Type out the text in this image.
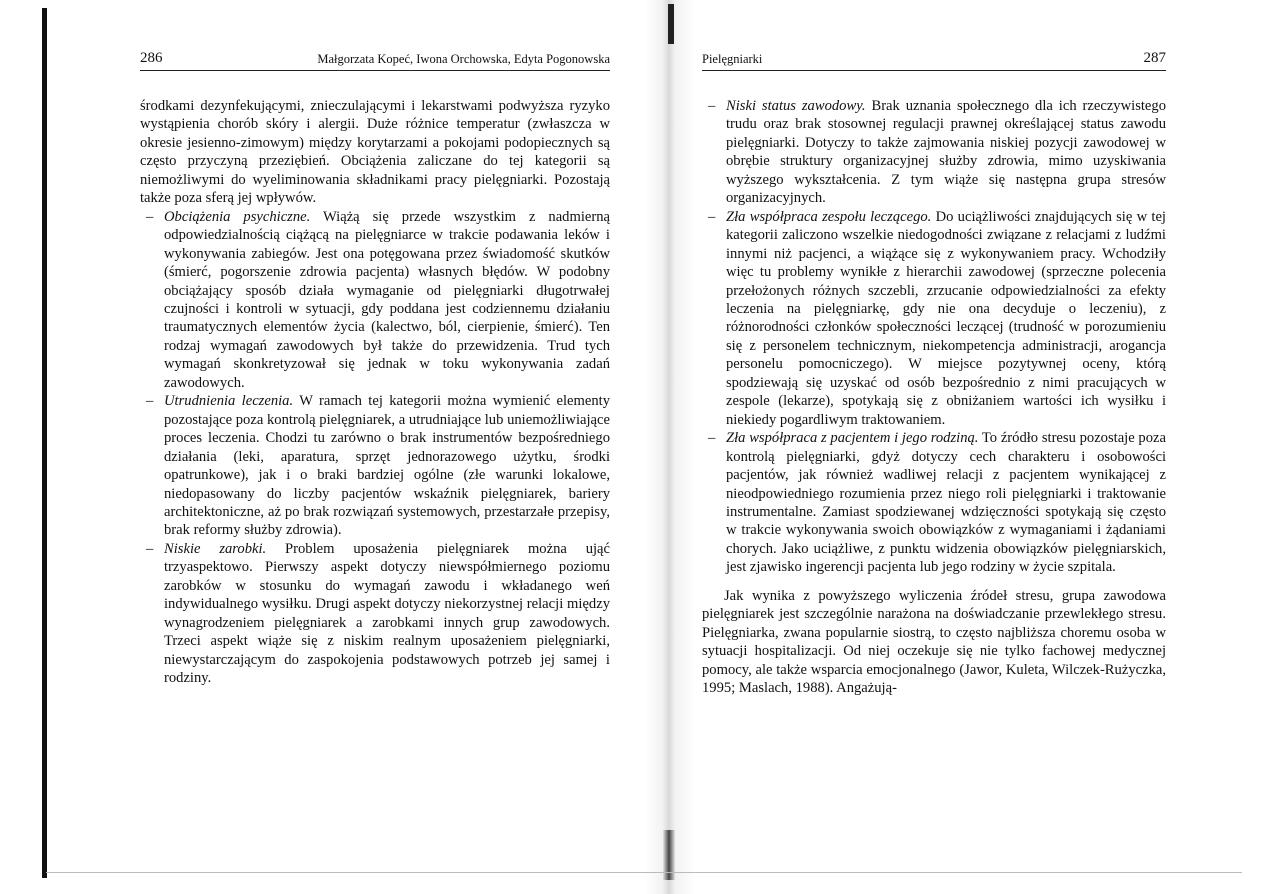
286	Małgorzata Kopeć, Iwona Orchowska, Edyta Pogonowska

środkami dezynfekującymi, znieczulającymi i lekarstwami podwyższa ryzyko wystąpienia chorób skóry i alergii. Duże różnice temperatur (zwłaszcza w okresie jesienno-zimowym) między korytarzami a pokojami podopiecznych są często przyczyną przeziębień. Obciążenia zaliczane do tej kategorii są niemożliwymi do wyeliminowania składnikami pracy pielęgniarki. Pozostają także poza sferą jej wpływów.

– Obciążenia psychiczne. Wiążą się przede wszystkim z nadmierną odpowiedzialnością ciążącą na pielęgniarce w trakcie podawania leków i wykonywania zabiegów. Jest ona potęgowana przez świadomość skutków (śmierć, pogorszenie zdrowia pacjenta) własnych błędów. W podobny obciążający sposób działa wymaganie od pielęgniarki długotrwałej czujności i kontroli w sytuacji, gdy poddana jest codziennemu działaniu traumatycznych elementów życia (kalectwo, ból, cierpienie, śmierć). Ten rodzaj wymagań zawodowych był także do przewidzenia. Trud tych wymagań skonkretyzował się jednak w toku wykonywania zadań zawodowych.

– Utrudnienia leczenia. W ramach tej kategorii można wymienić elementy pozostające poza kontrolą pielęgniarek, a utrudniające lub uniemożliwiające proces leczenia. Chodzi tu zarówno o brak instrumentów bezpośredniego działania (leki, aparatura, sprzęt jednorazowego użytku, środki opatrunkowe), jak i o braki bardziej ogólne (złe warunki lokalowe, niedopasowany do liczby pacjentów wskaźnik pielęgniarek, bariery architektoniczne, aż po brak rozwiązań systemowych, przestarzałe przepisy, brak reformy służby zdrowia).

– Niskie zarobki. Problem uposażenia pielęgniarek można ująć trzyaspektowo. Pierwszy aspekt dotyczy niewspółmiernego poziomu zarobków w stosunku do wymagań zawodu i wkładanego weń indywidualnego wysiłku. Drugi aspekt dotyczy niekorzystnej relacji między wynagrodzeniem pielęgniarek a zarobkami innych grup zawodowych. Trzeci aspekt wiąże się z niskim realnym uposażeniem pielęgniarki, niewystarczającym do zaspokojenia podstawowych potrzeb jej samej i rodziny.

Pielęgniarki	287

– Niski status zawodowy. Brak uznania społecznego dla ich rzeczywistego trudu oraz brak stosownej regulacji prawnej określającej status zawodu pielęgniarki. Dotyczy to także zajmowania niskiej pozycji zawodowej w obrębie struktury organizacyjnej służby zdrowia, mimo uzyskiwania wyższego wykształcenia. Z tym wiąże się następna grupa stresów organizacyjnych.

– Zła współpraca zespołu leczącego. Do uciążliwości znajdujących się w tej kategorii zaliczono wszelkie niedogodności związane z relacjami z ludźmi innymi niż pacjenci, a wiążące się z wykonywaniem pracy. Wchodziły więc tu problemy wynikłe z hierarchii zawodowej (sprzeczne polecenia przełożonych różnych szczebli, zrzucanie odpowiedzialności za efekty leczenia na pielęgniarkę, gdy nie ona decyduje o leczeniu), z różnorodności członków społeczności leczącej (trudność w porozumieniu się z personelem technicznym, niekompetencja administracji, arogancja personelu pomocniczego). W miejsce pozytywnej oceny, którą spodziewają się uzyskać od osób bezpośrednio z nimi pracujących w zespole (lekarze), spotykają się z obniżaniem wartości ich wysiłku i niekiedy pogardliwym traktowaniem.

– Zła współpraca z pacjentem i jego rodziną. To źródło stresu pozostaje poza kontrolą pielęgniarki, gdyż dotyczy cech charakteru i osobowości pacjentów, jak również wadliwej relacji z pacjentem wynikającej z nieodpowiedniego rozumienia przez niego roli pielęgniarki i traktowanie instrumentalne. Zamiast spodziewanej wdzięczności spotykają się często w trakcie wykonywania swoich obowiązków z wymaganiami i żądaniami chorych. Jako uciążliwe, z punktu widzenia obowiązków pielęgniarskich, jest zjawisko ingerencji pacjenta lub jego rodziny w życie szpitala.

Jak wynika z powyższego wyliczenia źródeł stresu, grupa zawodowa pielęgniarek jest szczególnie narażona na doświadczanie przewlekłego stresu. Pielęgniarka, zwana popularnie siostrą, to często najbliższa choremu osoba w sytuacji hospitalizacji. Od niej oczekuje się nie tylko fachowej medycznej pomocy, ale także wsparcia emocjonalnego (Jawor, Kuleta, Wilczek-Rużyczka, 1995; Maslach, 1988). Angażują-
